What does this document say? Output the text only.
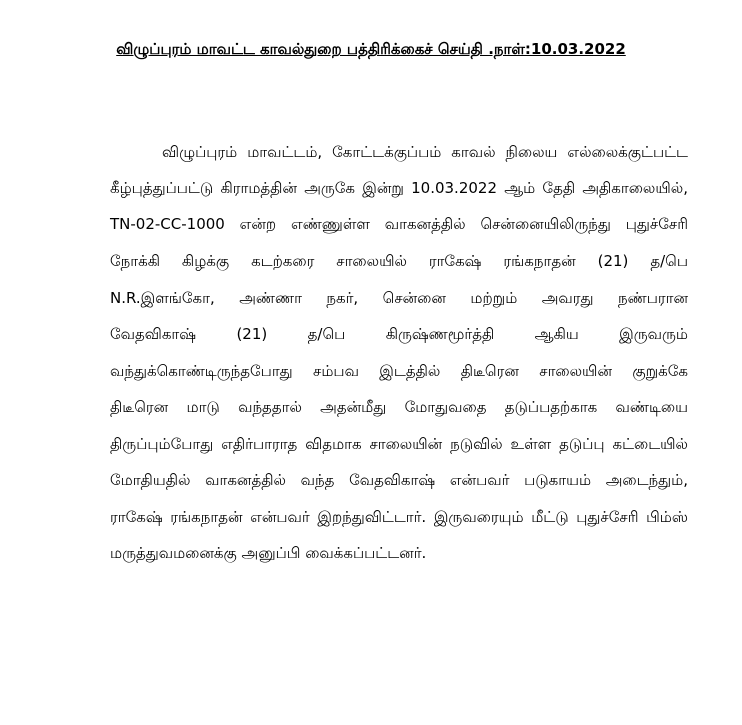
விழுப்புரம் மாவட்ட காவல்துறை பத்திரிக்கைச் செய்தி .நாள்:10.03.2022
விழுப்புரம் மாவட்டம், கோட்டக்குப்பம் காவல் நிலைய எல்லைக்குட்பட்ட
கீழ்புத்துப்பட்டு கிராமத்தின் அருகே இன்று 10.03.2022 ஆம் தேதி அதிகாலையில்,
TN-02-CC-1000 என்ற எண்ணுள்ள வாகனத்தில் சென்னையிலிருந்து புதுச்சேரி
நோக்கி கிழக்கு கடற்கரை சாலையில் ராகேஷ் ரங்கநாதன் (21) த/பெ
N.R.இளங்கோ, அண்ணா நகர், சென்னை மற்றும் அவரது நண்பரான
வேதவிகாஷ் (21) த/பெ கிருஷ்ணமூர்த்தி ஆகிய இருவரும்
வந்துக்கொண்டிருந்தபோது சம்பவ இடத்தில் திடீரென சாலையின் குறுக்கே
திடீரென மாடு வந்ததால் அதன்மீது மோதுவதை தடுப்பதற்காக வண்டியை
திருப்பும்போது எதிர்பாராத விதமாக சாலையின் நடுவில் உள்ள தடுப்பு கட்டையில்
மோதியதில் வாகனத்தில் வந்த வேதவிகாஷ் என்பவர் படுகாயம் அடைந்தும்,
ராகேஷ் ரங்கநாதன் என்பவர் இறந்துவிட்டார். இருவரையும் மீட்டு புதுச்சேரி பிம்ஸ்
மருத்துவமனைக்கு அனுப்பி வைக்கப்பட்டனர்.
